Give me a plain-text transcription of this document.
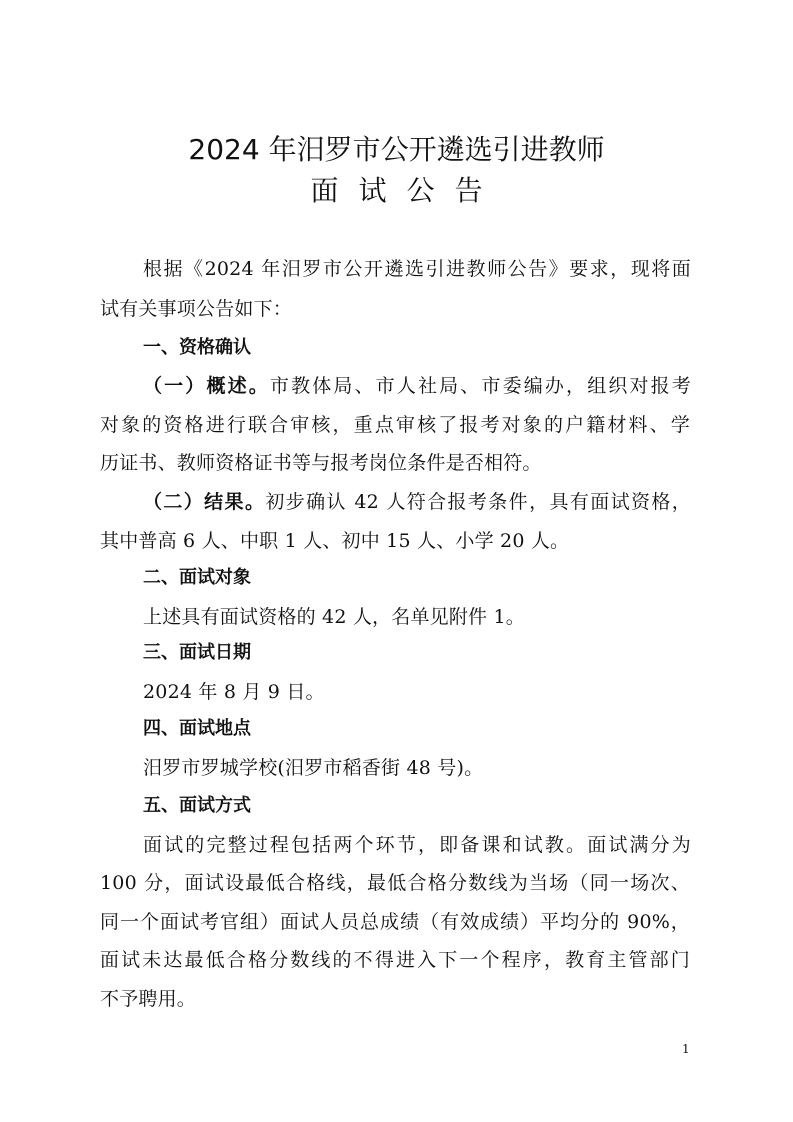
2024 年汨罗市公开遴选引进教师
面试公告
根据《2024 年汨罗市公开遴选引进教师公告》要求，现将面
试有关事项公告如下：
一、资格确认
（一）概述。市教体局、市人社局、市委编办，组织对报考
对象的资格进行联合审核，重点审核了报考对象的户籍材料、学
历证书、教师资格证书等与报考岗位条件是否相符。
（二）结果。初步确认 42 人符合报考条件，具有面试资格，
其中普高 6 人、中职 1 人、初中 15 人、小学 20 人。
二、面试对象
上述具有面试资格的 42 人，名单见附件 1。
三、面试日期
2024 年 8 月 9 日。
四、面试地点
汨罗市罗城学校(汨罗市稻香街 48 号)。
五、面试方式
面试的完整过程包括两个环节，即备课和试教。面试满分为
100 分，面试设最低合格线，最低合格分数线为当场（同一场次、
同一个面试考官组）面试人员总成绩（有效成绩）平均分的 90%，
面试未达最低合格分数线的不得进入下一个程序，教育主管部门
不予聘用。
1
